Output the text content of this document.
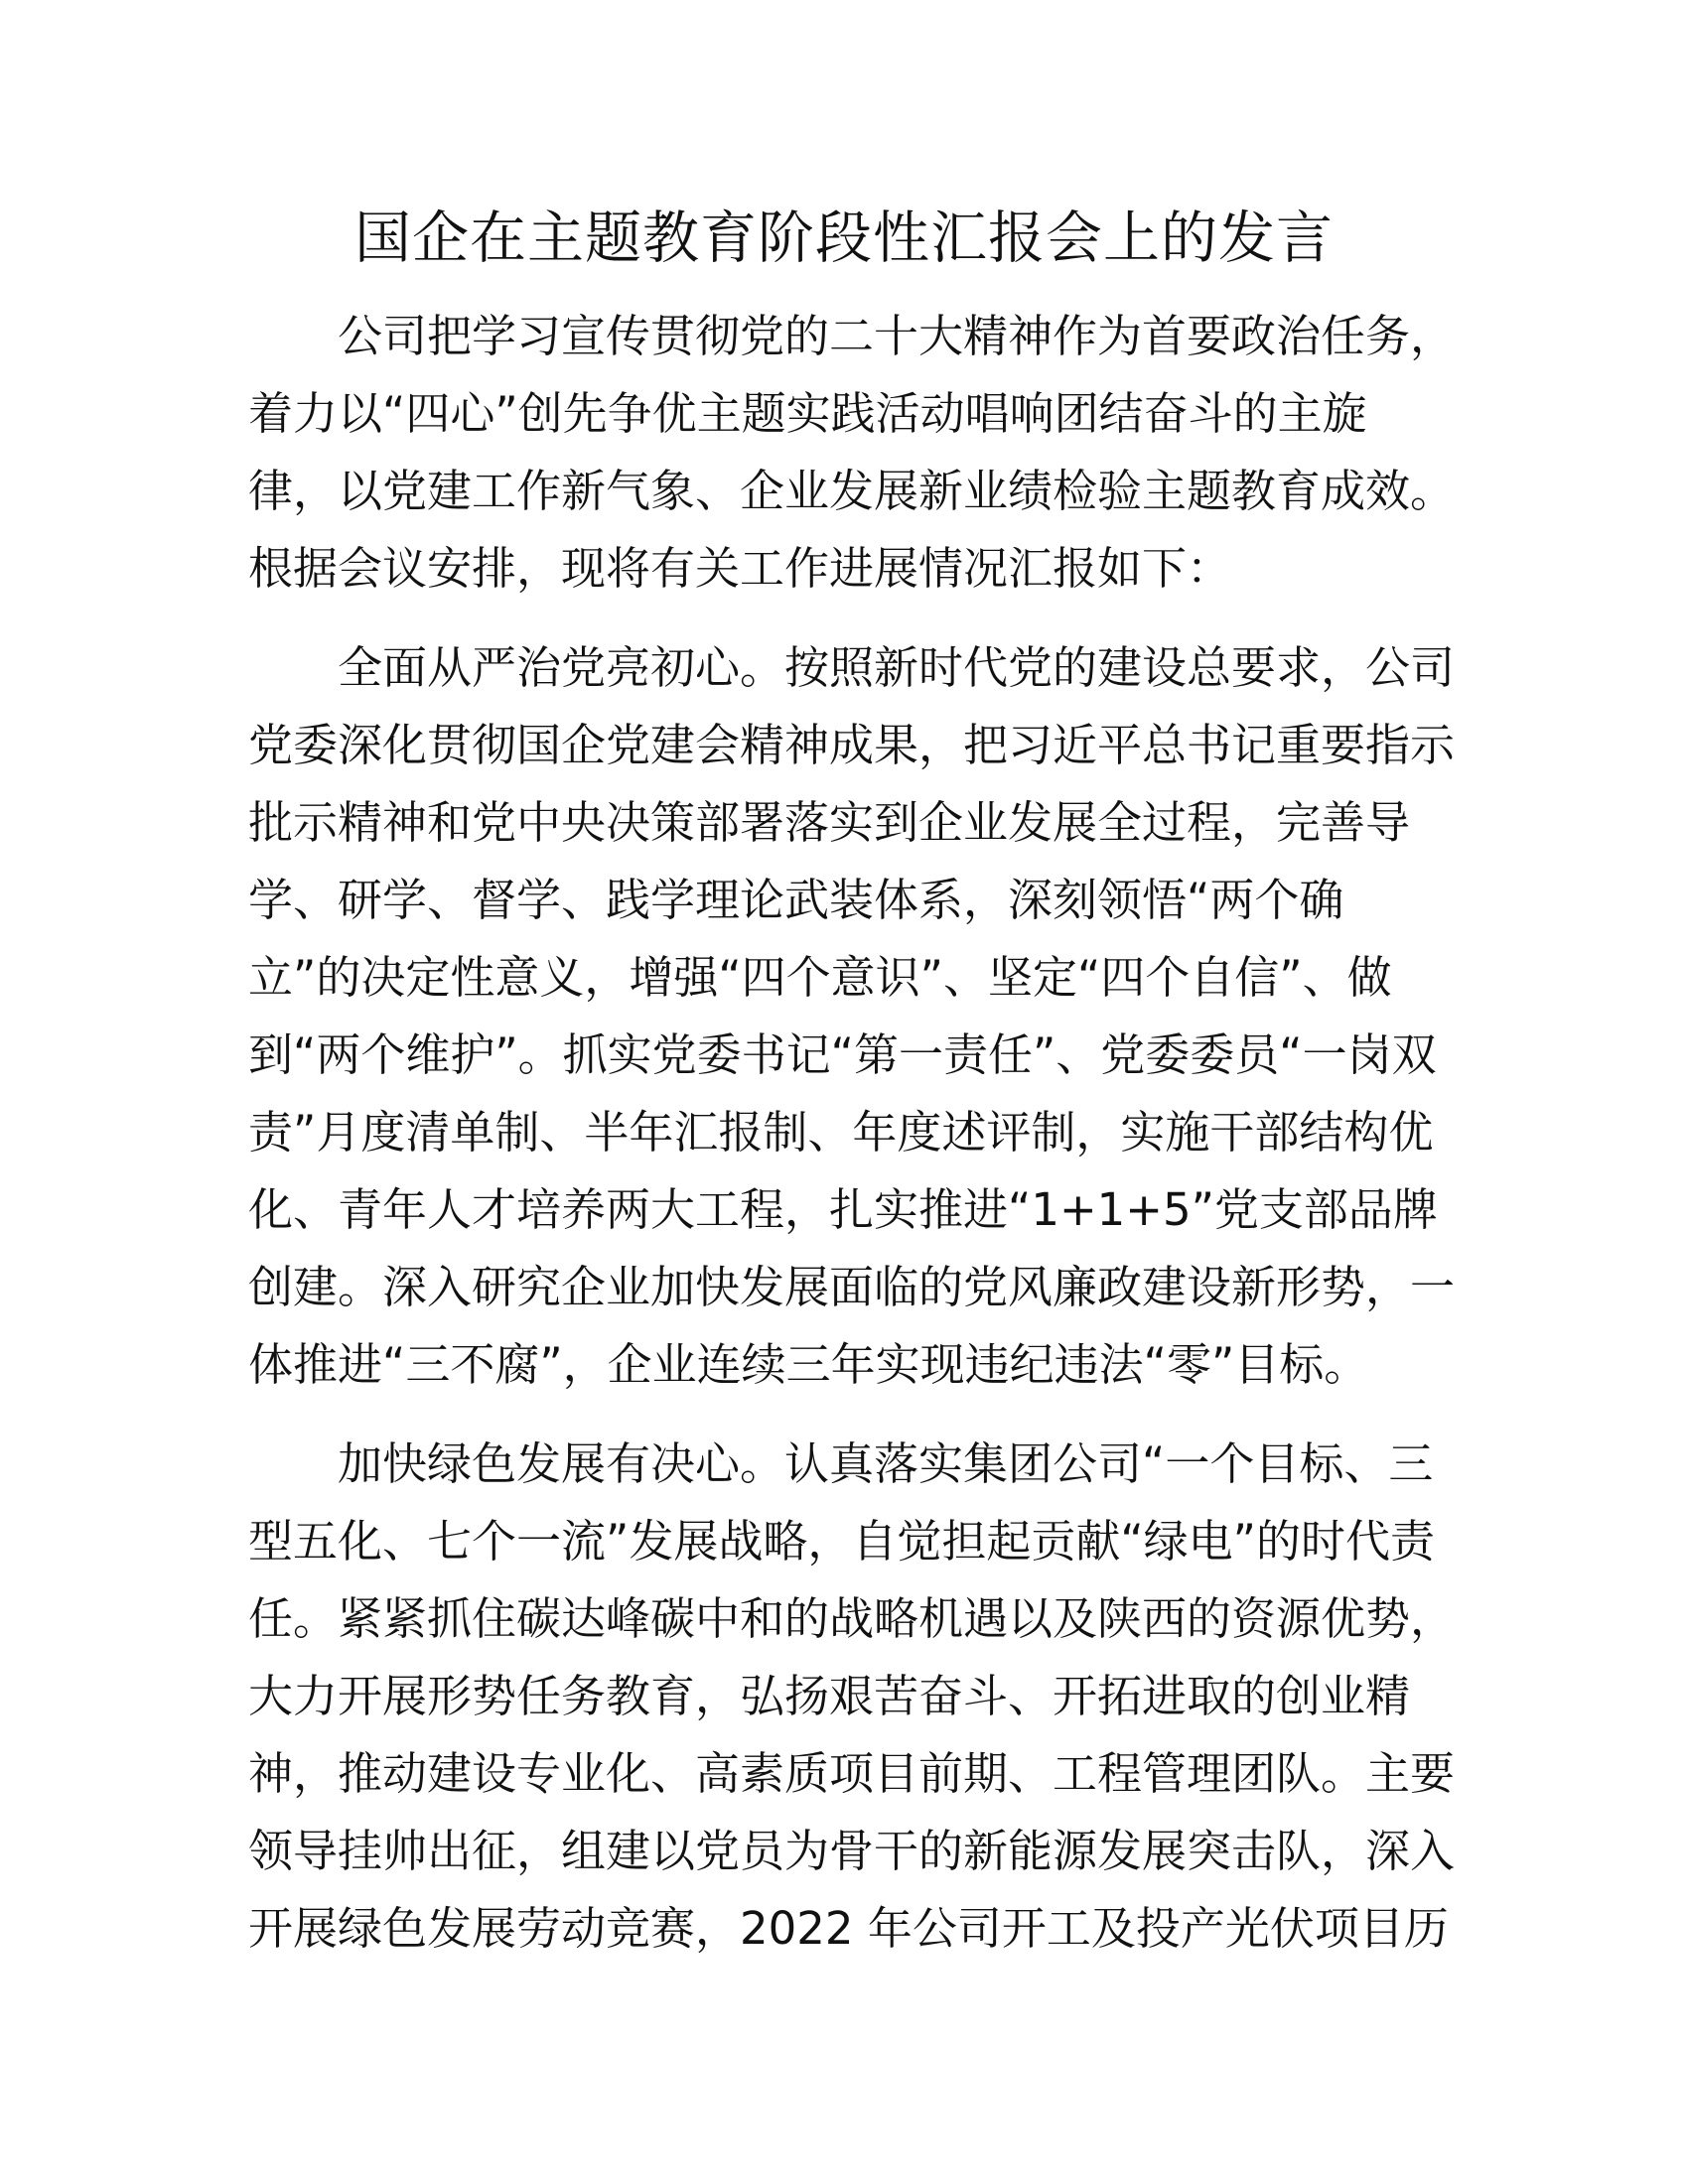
国企在主题教育阶段性汇报会上的发言

公司把学习宣传贯彻党的二十大精神作为首要政治任务，
着力以“四心”创先争优主题实践活动唱响团结奋斗的主旋
律，以党建工作新气象、企业发展新业绩检验主题教育成效。
根据会议安排，现将有关工作进展情况汇报如下：

全面从严治党亮初心。按照新时代党的建设总要求，公司
党委深化贯彻国企党建会精神成果，把习近平总书记重要指示
批示精神和党中央决策部署落实到企业发展全过程，完善导
学、研学、督学、践学理论武装体系，深刻领悟“两个确
立”的决定性意义，增强“四个意识”、坚定“四个自信”、做
到“两个维护”。抓实党委书记“第一责任”、党委委员“一岗双
责”月度清单制、半年汇报制、年度述评制，实施干部结构优
化、青年人才培养两大工程，扎实推进“1+1+5”党支部品牌
创建。深入研究企业加快发展面临的党风廉政建设新形势，一
体推进“三不腐”，企业连续三年实现违纪违法“零”目标。

加快绿色发展有决心。认真落实集团公司“一个目标、三
型五化、七个一流”发展战略，自觉担起贡献“绿电”的时代责
任。紧紧抓住碳达峰碳中和的战略机遇以及陕西的资源优势，
大力开展形势任务教育，弘扬艰苦奋斗、开拓进取的创业精
神，推动建设专业化、高素质项目前期、工程管理团队。主要
领导挂帅出征，组建以党员为骨干的新能源发展突击队，深入
开展绿色发展劳动竞赛，2022 年公司开工及投产光伏项目历
